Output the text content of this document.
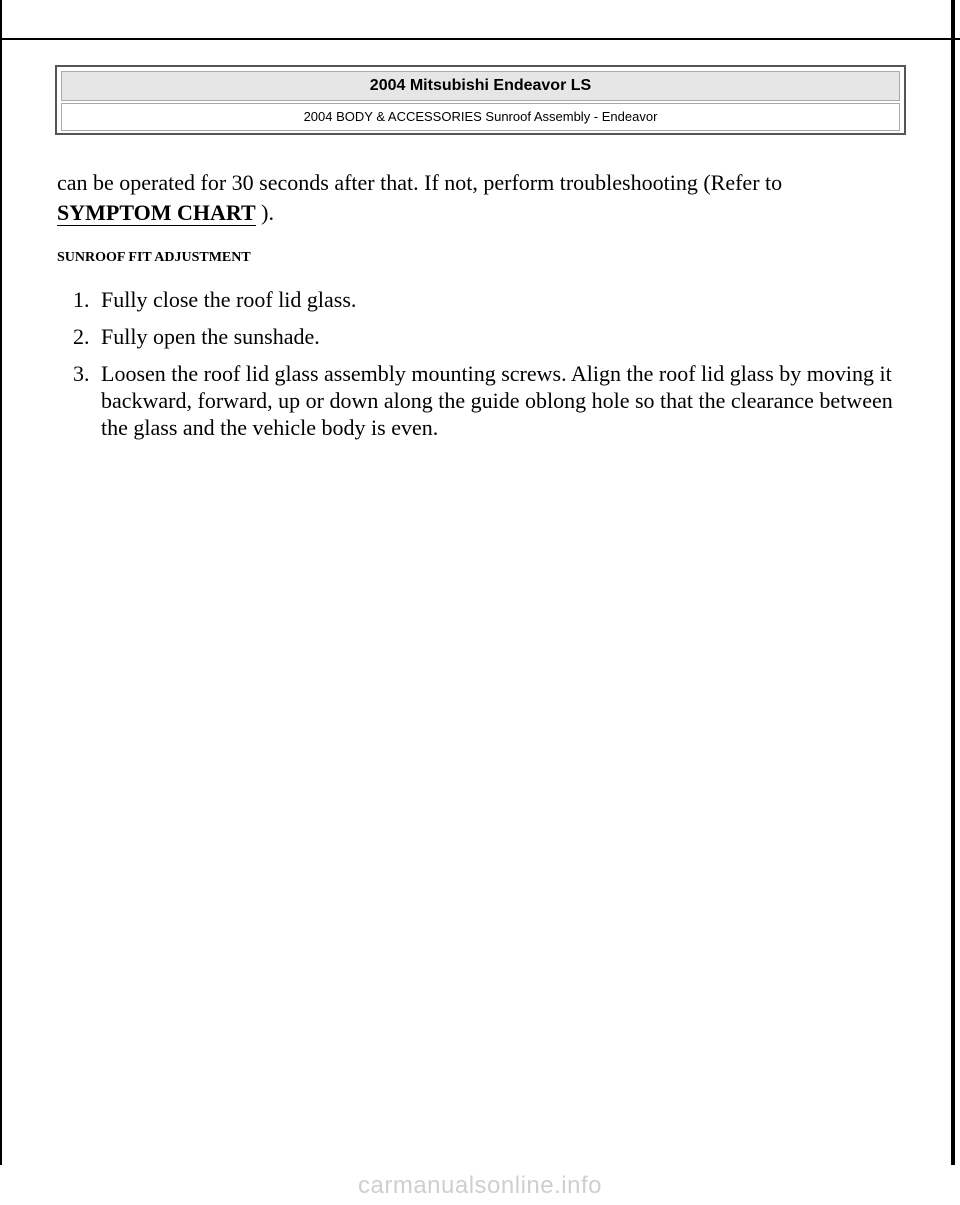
2004 Mitsubishi Endeavor LS
2004 BODY & ACCESSORIES Sunroof Assembly - Endeavor

can be operated for 30 seconds after that. If not, perform troubleshooting (Refer to
SYMPTOM CHART ).

SUNROOF FIT ADJUSTMENT
1. Fully close the roof lid glass.
2. Fully open the sunshade.
3. Loosen the roof lid glass assembly mounting screws. Align the roof lid glass by moving it backward, forward, up or down along the guide oblong hole so that the clearance between the glass and the vehicle body is even.
carmanualsonline.info
